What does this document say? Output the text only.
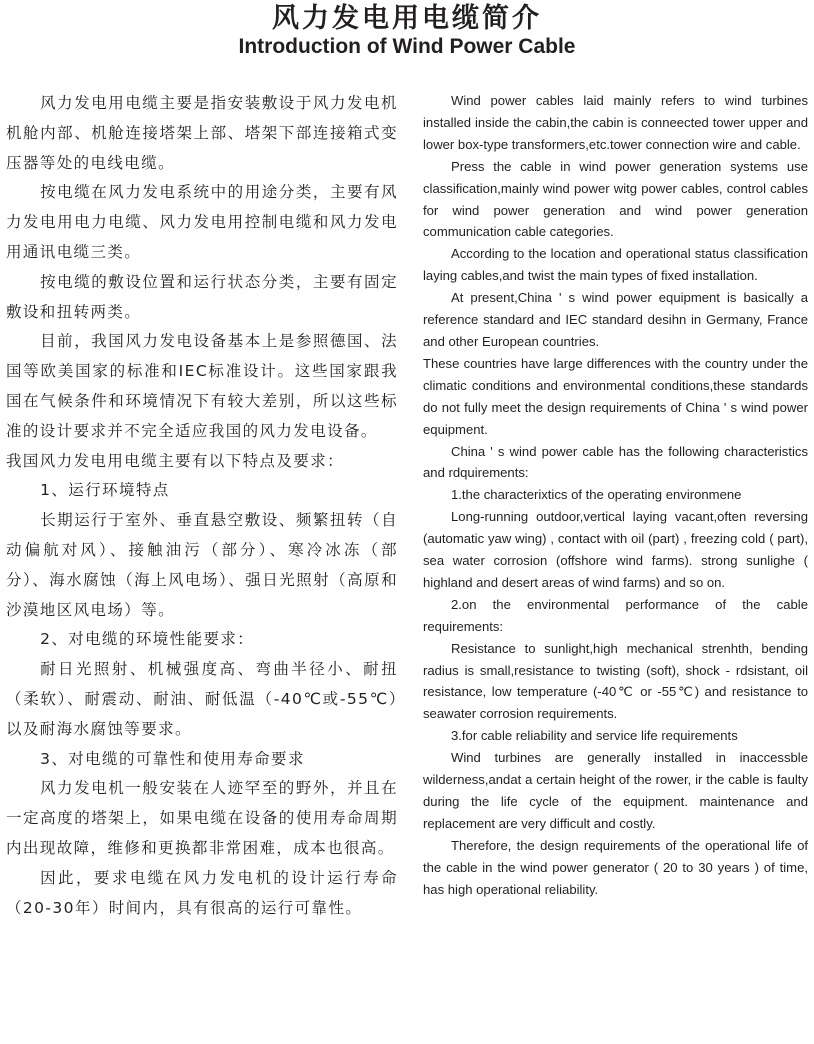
风力发电用电缆简介
Introduction of Wind Power Cable

风力发电用电缆主要是指安装敷设于风力发电机机舱内部、机舱连接塔架上部、塔架下部连接箱式变压器等处的电线电缆。

按电缆在风力发电系统中的用途分类，主要有风力发电用电力电缆、风力发电用控制电缆和风力发电用通讯电缆三类。

按电缆的敷设位置和运行状态分类，主要有固定敷设和扭转两类。

目前，我国风力发电设备基本上是参照德国、法国等欧美国家的标准和IEC标准设计。这些国家跟我国在气候条件和环境情况下有较大差别，所以这些标准的设计要求并不完全适应我国的风力发电设备。

我国风力发电用电缆主要有以下特点及要求：

1、运行环境特点

长期运行于室外、垂直悬空敷设、频繁扭转（自动偏航对风）、接触油污（部分）、寒冷冰冻（部分）、海水腐蚀（海上风电场）、强日光照射（高原和沙漠地区风电场）等。

2、对电缆的环境性能要求：

耐日光照射、机械强度高、弯曲半径小、耐扭（柔软）、耐震动、耐油、耐低温（-40℃或-55℃）以及耐海水腐蚀等要求。

3、对电缆的可靠性和使用寿命要求

风力发电机一般安装在人迹罕至的野外，并且在一定高度的塔架上，如果电缆在设备的使用寿命周期内出现故障，维修和更换都非常困难，成本也很高。

因此，要求电缆在风力发电机的设计运行寿命（20-30年）时间内，具有很高的运行可靠性。

Wind power cables laid mainly refers to wind turbines installed inside the cabin,the cabin is conneected tower upper and lower box-type transformers,etc.tower connection wire and cable.

Press the cable in wind power generation systems use classification,mainly wind power witg power cables, control cables for wind power generation and wind power generation communication cable categories.

According to the location and operational status classification laying cables,and twist the main types of fixed installation.

At present,China ' s wind power equipment is basically a reference standard and IEC standard desihn in Germany, France and other European countries.

These countries have large differences with the country under the climatic conditions and environmental conditions,these standards do not fully meet the design requirements of China ' s wind power equipment.

China ' s wind power cable has the following characteristics and rdquirements:

1.the characterixtics of the operating environmene

Long-running outdoor,vertical laying vacant,often reversing (automatic yaw wing) , contact with oil (part) , freezing cold ( part), sea water corrosion (offshore wind farms). strong sunlighe ( highland and desert areas of wind farms) and so on.

2.on the environmental performance of the cable requirements:

Resistance to sunlight,high mechanical strenhth, bending radius is small,resistance to twisting (soft), shock - rdsistant, oil resistance, low temperature (-40℃ or -55℃) and resistance to seawater corrosion requirements.

3.for cable reliability and service life requirements

Wind turbines are generally installed in inaccessble wilderness,andat a certain height of the rower, ir the cable is faulty during the life cycle of the equipment. maintenance and replacement are very difficult and costly.

Therefore, the design requirements of the operational life of the cable in the wind power generator ( 20 to 30 years ) of time, has high operational reliability.
